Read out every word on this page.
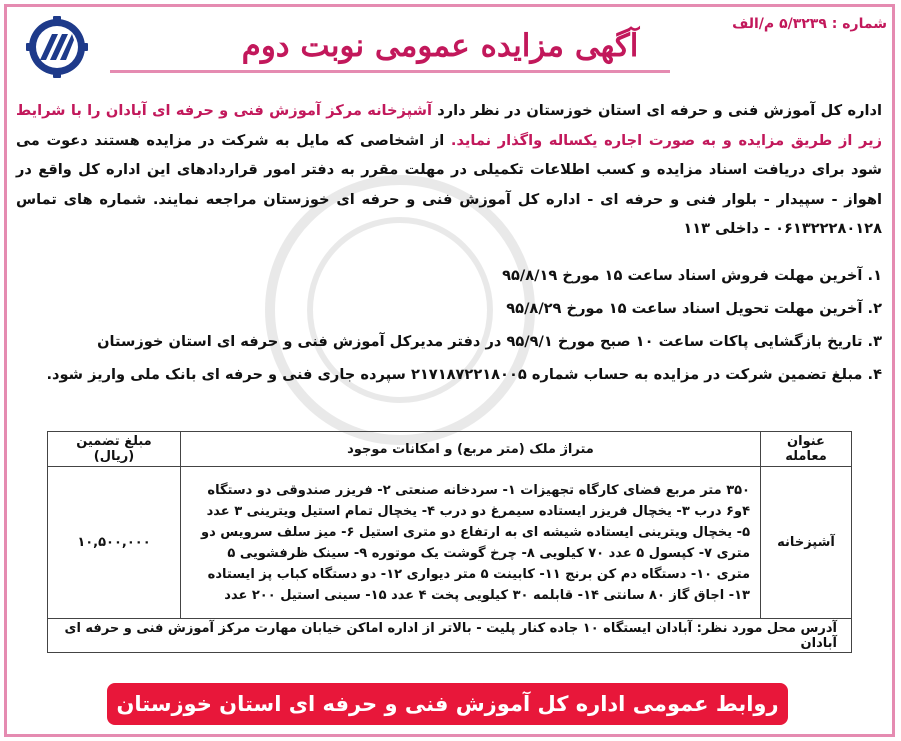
شماره : ۵/۳۲۳۹ م/الف
آگهی مزایده عمومی نوبت دوم
اداره کل آموزش فنی و حرفه ای استان خوزستان در نظر دارد آشپزخانه مرکز آموزش فنی و حرفه ای آبادان را با شرایط زیر از طریق مزایده و به صورت اجاره یکساله واگذار نماید. از اشخاصی که مایل به شرکت در مزایده هستند دعوت می شود برای دریافت اسناد مزایده و کسب اطلاعات تکمیلی در مهلت مقرر به دفتر امور قراردادهای این اداره کل واقع در اهواز - سپیدار - بلوار فنی و حرفه ای - اداره کل آموزش فنی و حرفه ای خوزستان مراجعه نمایند. شماره های تماس ۰۶۱۳۲۲۲۸۰۱۲۸ - داخلی ۱۱۳
۱. آخرین مهلت فروش اسناد ساعت ۱۵ مورخ ۹۵/۸/۱۹
۲. آخرین مهلت تحویل اسناد ساعت ۱۵ مورخ ۹۵/۸/۲۹
۳. تاریخ بازگشایی پاکات ساعت ۱۰ صبح مورخ ۹۵/۹/۱ در دفتر مدیرکل آموزش فنی و حرفه ای استان خوزستان
۴. مبلغ تضمین شرکت در مزایده به حساب شماره ۲۱۷۱۸۷۲۲۱۸۰۰۵ سپرده جاری فنی و حرفه ای بانک ملی واریز شود.
عنوان معامله	متراژ ملک (متر مربع) و امکانات موجود	مبلغ تضمین (ریال)
آشپزخانه	۳۵۰ متر مربع فضای کارگاه تجهیزات ۱- سردخانه صنعتی ۲- فریزر صندوقی دو دستگاه ۴و۶ درب ۳- یخچال فریزر ایستاده سیمرغ دو درب ۴- یخچال تمام استیل ویترینی ۳ عدد ۵- یخچال ویترینی ایستاده شیشه ای به ارتفاع دو متری استیل ۶- میز سلف سرویس دو متری ۷- کپسول ۵ عدد ۷۰ کیلویی ۸- چرخ گوشت یک موتوره ۹- سینک ظرفشویی ۵ متری ۱۰- دستگاه دم کن برنج ۱۱- کابینت ۵ متر دیواری ۱۲- دو دستگاه کباب پز ایستاده ۱۳- اجاق گاز ۸۰ سانتی ۱۴- قابلمه ۳۰ کیلویی پخت ۴ عدد ۱۵- سینی استیل ۲۰۰ عدد	۱۰,۵۰۰,۰۰۰
آدرس محل مورد نظر: آبادان ایستگاه ۱۰ جاده کنار پلیت - بالاتر از اداره اماکن خیابان مهارت مرکز آموزش فنی و حرفه ای آبادان		
روابط عمومی اداره کل آموزش فنی و حرفه ای استان خوزستان
